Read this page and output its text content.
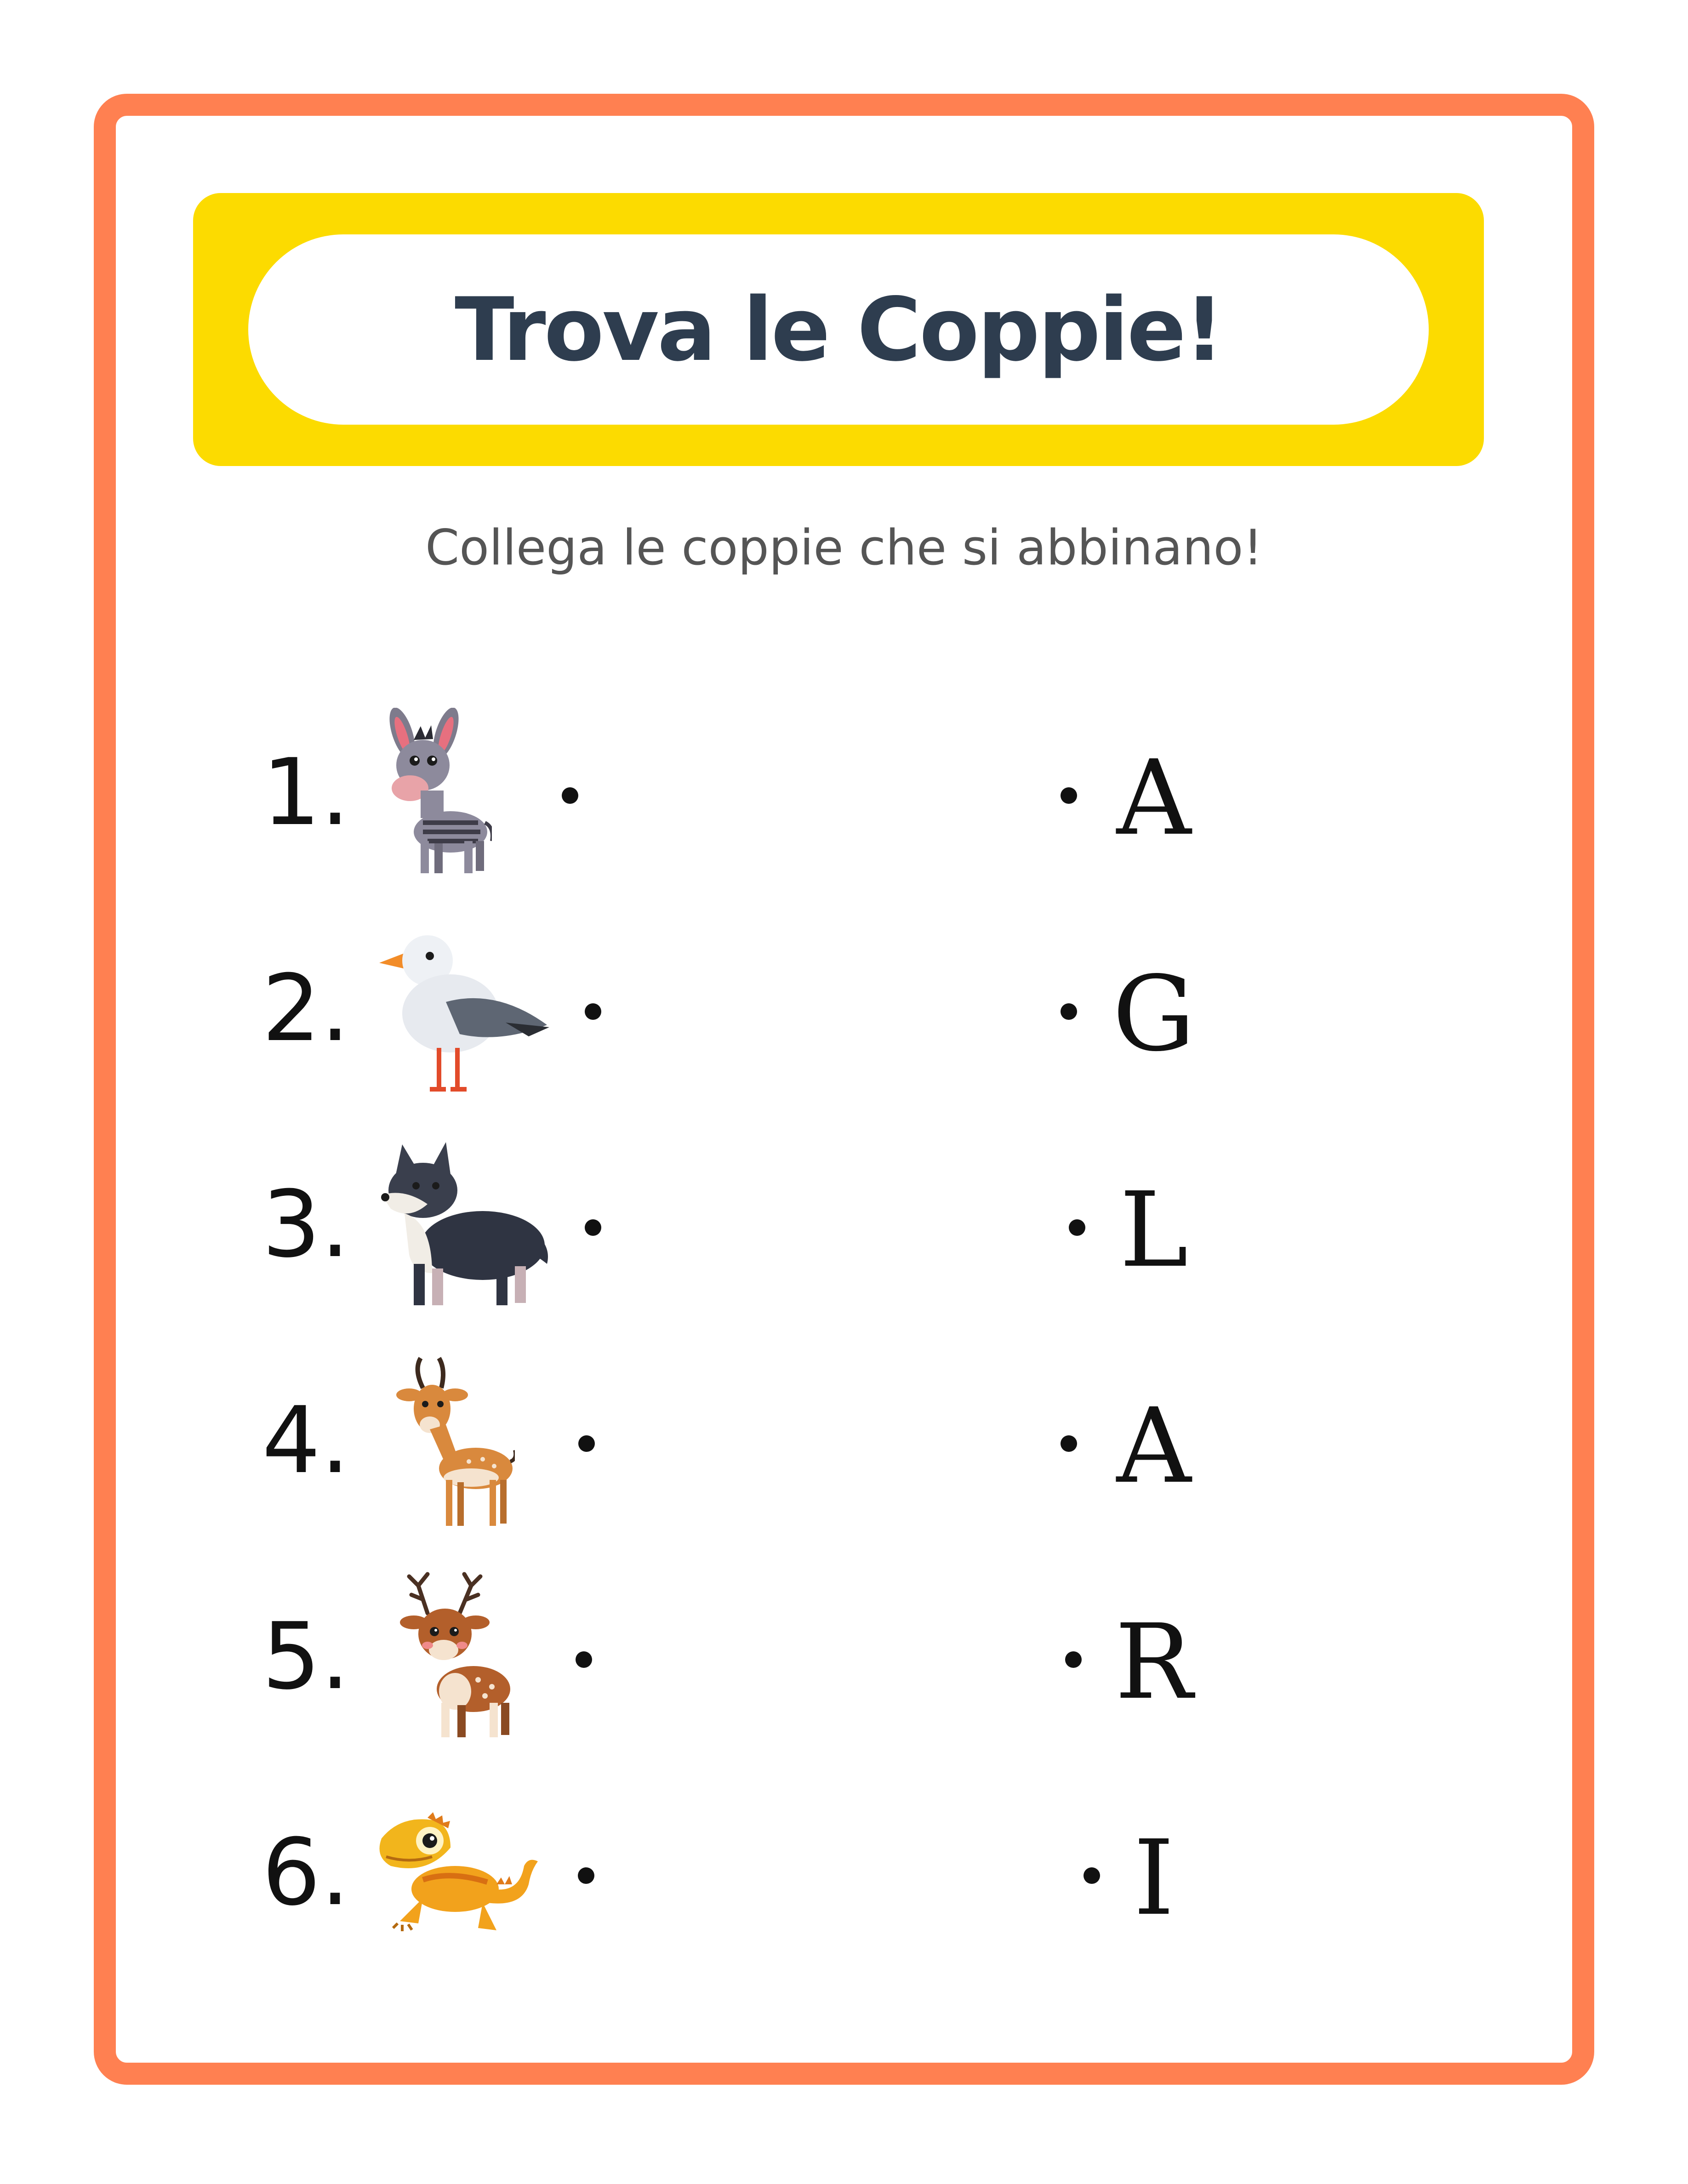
Trova le Coppie!
Collega le coppie che si abbinano!
1.
2.
3.
4.
5.
6.
A
G
L
A
R
I
